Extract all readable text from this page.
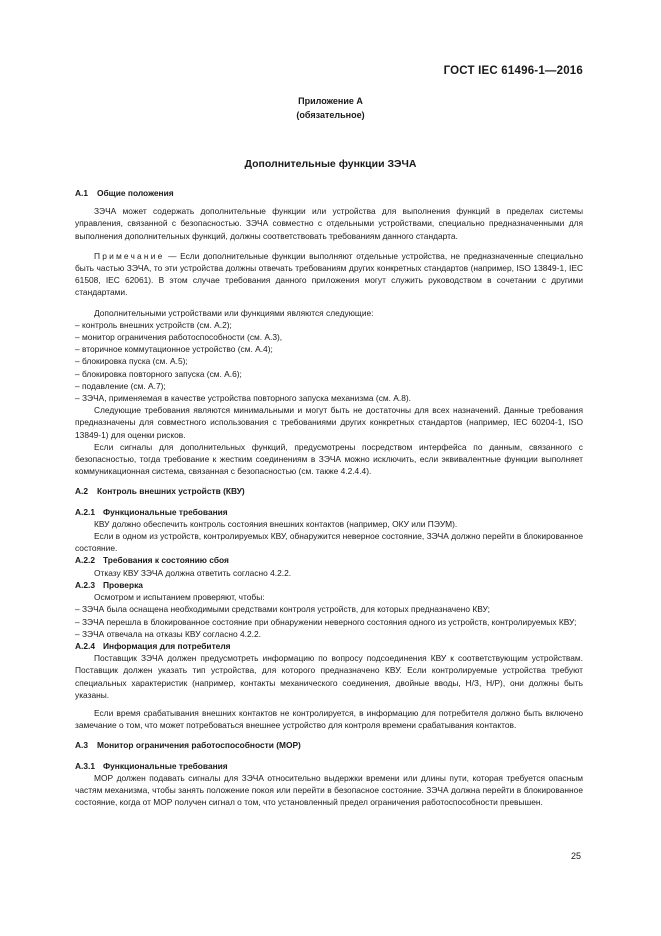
ГОСТ IEC 61496-1—2016
Приложение А
(обязательное)
Дополнительные функции ЗЭЧА

А.1 Общие положения

ЗЭЧА может содержать дополнительные функции или устройства для выполнения функций в пределах системы управления, связанной с безопасностью. ЗЭЧА совместно с отдельными устройствами, специально предназначенными для выполнения дополнительных функций, должны соответствовать требованиям данного стандарта.

Примечание — Если дополнительные функции выполняют отдельные устройства, не предназначенные специально быть частью ЗЭЧА, то эти устройства должны отвечать требованиям других конкретных стандартов (например, ISO 13849-1, IEC 61508, IEC 62061). В этом случае требования данного приложения могут служить руководством в сочетании с другими стандартами.

Дополнительными устройствами или функциями являются следующие:

– контроль внешних устройств (см. А.2);

– монитор ограничения работоспособности (см. А.3),

– вторичное коммутационное устройство (см. А.4);

– блокировка пуска (см. А.5);

– блокировка повторного запуска (см. А.6);

– подавление (см. А.7);

– ЗЭЧА, применяемая в качестве устройства повторного запуска механизма (см. А.8).

Следующие требования являются минимальными и могут быть не достаточны для всех назначений. Данные требования предназначены для совместного использования с требованиями других конкретных стандартов (например, IEC 60204-1, ISO 13849-1) для оценки рисков.

Если сигналы для дополнительных функций, предусмотрены посредством интерфейса по данным, связанного с безопасностью, тогда требование к жестким соединениям в ЗЭЧА можно исключить, если эквивалентные функции выполняет коммуникационная система, связанная с безопасностью (см. также 4.2.4.4).

А.2 Контроль внешних устройств (КВУ)

А.2.1 Функциональные требования

КВУ должно обеспечить контроль состояния внешних контактов (например, ОКУ или ПЭУМ).

Если в одном из устройств, контролируемых КВУ, обнаружится неверное состояние, ЗЭЧА должно перейти в блокированное состояние.

А.2.2 Требования к состоянию сбоя

Отказу КВУ ЗЭЧА должна ответить согласно 4.2.2.

А.2.3 Проверка

Осмотром и испытанием проверяют, чтобы:

– ЗЭЧА была оснащена необходимыми средствами контроля устройств, для которых предназначено КВУ;

– ЗЭЧА перешла в блокированное состояние при обнаружении неверного состояния одного из устройств, контролируемых КВУ;

– ЗЭЧА отвечала на отказы КВУ согласно 4.2.2.

А.2.4 Информация для потребителя

Поставщик ЗЭЧА должен предусмотреть информацию по вопросу подсоединения КВУ к соответствующим устройствам. Поставщик должен указать тип устройства, для которого предназначено КВУ. Если контролируемые устройства требуют специальных характеристик (например, контакты механического соединения, двойные вводы, Н/З, Н/Р), они должны быть указаны.

Если время срабатывания внешних контактов не контролируется, в информацию для потребителя должно быть включено замечание о том, что может потребоваться внешнее устройство для контроля времени срабатывания контактов.

А.3 Монитор ограничения работоспособности (МОР)

А.3.1 Функциональные требования

МОР должен подавать сигналы для ЗЭЧА относительно выдержки времени или длины пути, которая требуется опасным частям механизма, чтобы занять положение покоя или перейти в безопасное состояние. ЗЭЧА должна перейти в блокированное состояние, когда от МОР получен сигнал о том, что установленный предел ограничения работоспособности превышен.

25
